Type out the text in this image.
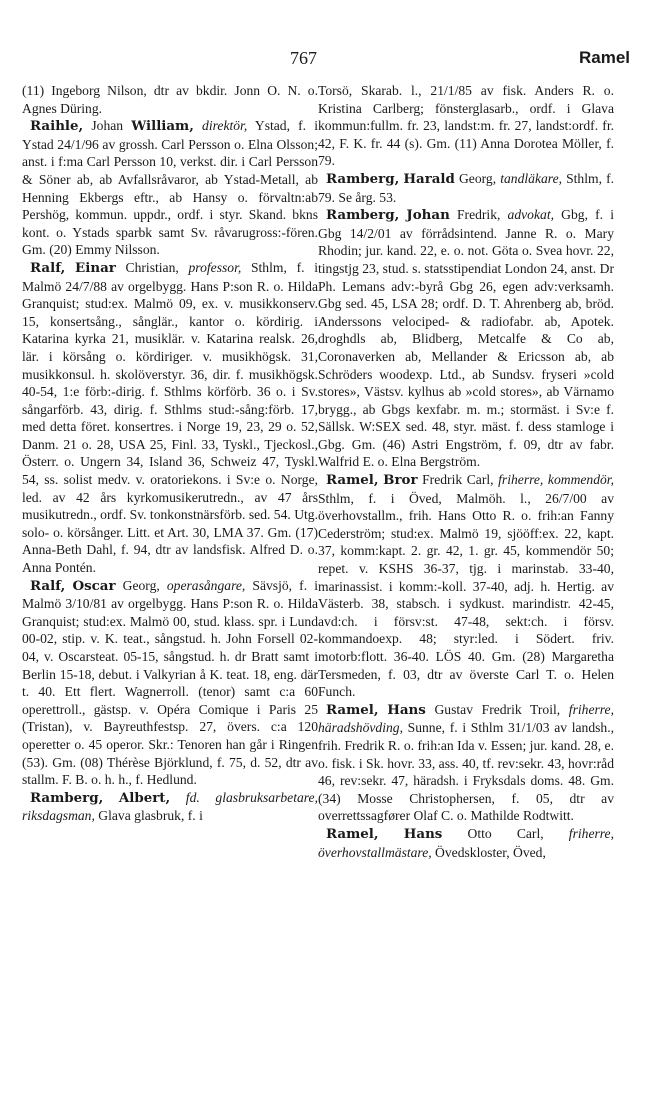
767	Ramel

(11) Ingeborg Nilson, dtr av bkdir. Jonn O. N. o. Agnes Düring.

Raihle, Johan William, direktör, Ystad, f. i Ystad 24/1/96 av grossh. Carl Persson o. Elna Olsson; anst. i f:ma Carl Persson 10, verkst. dir. i Carl Persson & Söner ab, ab Avfallsråvaror, ab Ystad-Metall, ab Henning Ekbergs eftr., ab Hansy o. förvaltn:ab Pershög, kommun. uppdr., ordf. i styr. Skand. bkns kont. o. Ystads sparbk samt Sv. råvarugross:-fören. Gm. (20) Emmy Nilsson.

Ralf, Einar Christian, professor, Sthlm, f. i Malmö 24/7/88 av orgelbygg. Hans P:son R. o. Hilda Granquist; stud:ex. Malmö 09, ex. v. musikkonserv. 15, konsertsång., sånglär., kantor o. kördirig. i Katarina kyrka 21, musiklär. v. Katarina realsk. 26, lär. i körsång o. kördiriger. v. musikhögsk. 31, musikkonsul. h. skolöverstyr. 36, dir. f. musikhögsk. 40-54, 1:e förb:-dirig. f. Sthlms körförb. 36 o. i Sv. sångarförb. 43, dirig. f. Sthlms stud:-sång:förb. 17, med detta föret. konsertres. i Norge 19, 23, 29 o. 52, Danm. 21 o. 28, USA 25, Finl. 33, Tyskl., Tjeckosl., Österr. o. Ungern 34, Island 36, Schweiz 47, Tyskl. 54, ss. solist medv. v. oratoriekons. i Sv:e o. Norge, led. av 42 års kyrkomusikerutredn., av 47 års musikutredn., ordf. Sv. tonkonstnärsförb. sed. 54. Utg. solo- o. körsånger. Litt. et Art. 30, LMA 37. Gm. (17) Anna-Beth Dahl, f. 94, dtr av landsfisk. Alfred D. o. Anna Pontén.

Ralf, Oscar Georg, operasångare, Sävsjö, f. i Malmö 3/10/81 av orgelbygg. Hans P:son R. o. Hilda Granquist; stud:ex. Malmö 00, stud. klass. spr. i Lund 00-02, stip. v. K. teat., sångstud. h. John Forsell 02-04, v. Oscarsteat. 05-15, sångstud. h. dr Bratt samt i Berlin 15-18, debut. i Valkyrian å K. teat. 18, eng. där t. 40. Ett flert. Wagnerroll. (tenor) samt c:a 60 operettroll., gästsp. v. Opéra Comique i Paris 25 (Tristan), v. Bayreuthfestsp. 27, övers. c:a 120 operetter o. 45 operor. Skr.: Tenoren han går i Ringen (53). Gm. (08) Thérèse Björklund, f. 75, d. 52, dtr av stallm. F. B. o. h. h., f. Hedlund.

Ramberg, Albert, fd. glasbruksarbetare, riksdagsman, Glava glasbruk, f. i

Torsö, Skarab. l., 21/1/85 av fisk. Anders R. o. Kristina Carlberg; fönsterglasarb., ordf. i Glava kommun:fullm. fr. 23, landst:m. fr. 27, landst:ordf. fr. 42, F. K. fr. 44 (s). Gm. (11) Anna Dorotea Möller, f. 79.

Ramberg, Harald Georg, tandläkare, Sthlm, f. 79. Se årg. 53.

Ramberg, Johan Fredrik, advokat, Gbg, f. i Gbg 14/2/01 av förrådsintend. Janne R. o. Mary Rhodin; jur. kand. 22, e. o. not. Göta o. Svea hovr. 22, tingstjg 23, stud. s. statsstipendiat London 24, anst. Dr Ph. Lemans adv:-byrå Gbg 26, egen adv:verksamh. Gbg sed. 45, LSA 28; ordf. D. T. Ahrenberg ab, bröd. Anderssons velociped- & radiofabr. ab, Apotek. droghdls ab, Blidberg, Metcalfe & Co ab, Coronaverken ab, Mellander & Ericsson ab, ab Schröders woodexp. Ltd., ab Sundsv. fryseri »cold stores», Västsv. kylhus ab »cold stores», ab Värnamo brygg., ab Gbgs kexfabr. m. m.; stormäst. i Sv:e f. Sällsk. W:SEX sed. 48, styr. mäst. f. dess stamloge i Gbg. Gm. (46) Astri Engström, f. 09, dtr av fabr. Walfrid E. o. Elna Bergström.

Ramel, Bror Fredrik Carl, friherre, kommendör, Sthlm, f. i Öved, Malmöh. l., 26/7/00 av överhovstallm., frih. Hans Otto R. o. frih:an Fanny Cederström; stud:ex. Malmö 19, sjööff:ex. 22, kapt. 37, komm:kapt. 2. gr. 42, 1. gr. 45, kommendör 50; repet. v. KSHS 36-37, tjg. i marinstab. 33-40, marinassist. i komm:-koll. 37-40, adj. h. Hertig. av Västerb. 38, stabsch. i sydkust. marindistr. 42-45, avd:ch. i försv:st. 47-48, sekt:ch. i försv. kommandoexp. 48; styr:led. i Södert. friv. motorb:flott. 36-40. LÖS 40. Gm. (28) Margaretha Tersmeden, f. 03, dtr av överste Carl T. o. Helen Funch.

Ramel, Hans Gustav Fredrik Troil, friherre, häradshövding, Sunne, f. i Sthlm 31/1/03 av landsh., frih. Fredrik R. o. frih:an Ida v. Essen; jur. kand. 28, e. o. fisk. i Sk. hovr. 33, ass. 40, tf. rev:sekr. 43, hovr:råd 46, rev:sekr. 47, häradsh. i Fryksdals doms. 48. Gm. (34) Mosse Christophersen, f. 05, dtr av overrettssagfører Olaf C. o. Mathilde Rodtwitt.

Ramel, Hans Otto Carl, friherre, överhovstallmästare, Övedskloster, Öved,
